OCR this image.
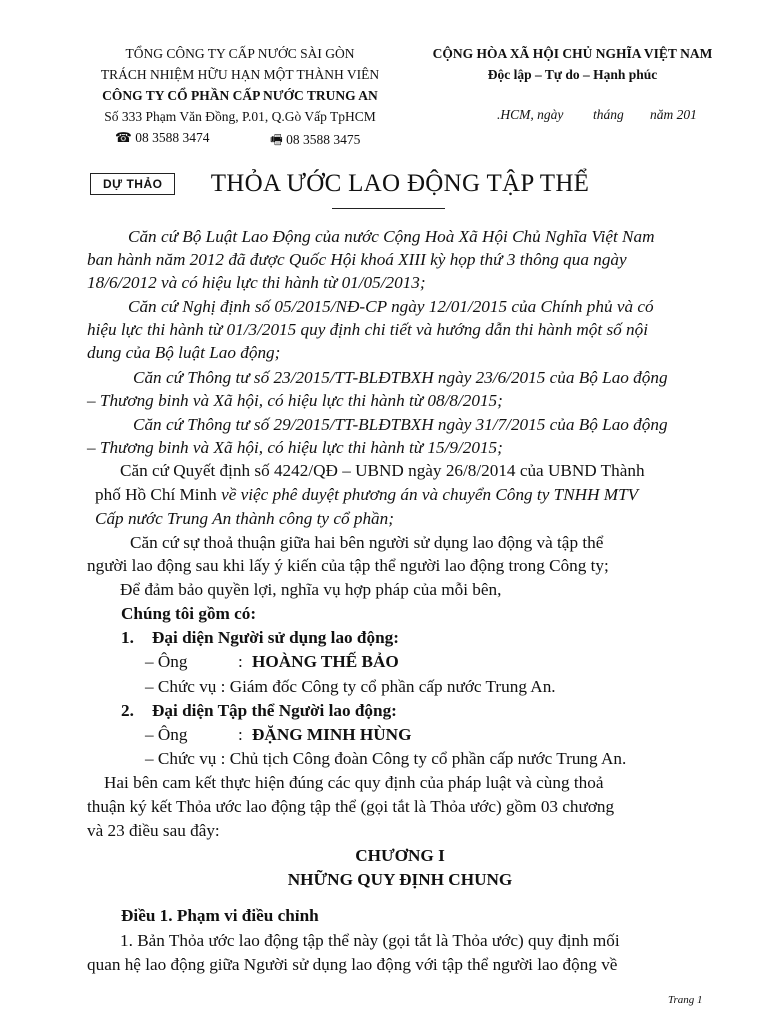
TỔNG CÔNG TY CẤP NƯỚC SÀI GÒN
TRÁCH NHIỆM HỮU HẠN MỘT THÀNH VIÊN
CÔNG TY CỔ PHẦN CẤP NƯỚC TRUNG AN
Số 333 Phạm Văn Đồng, P.01, Q.Gò Vấp TpHCM
☎ 08 3588 3474	🖷 08 3588 3475
CỘNG HÒA XÃ HỘI CHỦ NGHĨA VIỆT NAM
Độc lập – Tự do – Hạnh phúc
.HCM, ngày tháng năm 201
DỰ THẢO	THỎA ƯỚC LAO ĐỘNG TẬP THỂ
Căn cứ Bộ Luật Lao Động của nước Cộng Hoà Xã Hội Chủ Nghĩa Việt Nam
ban hành năm 2012 đã được Quốc Hội khoá XIII kỳ họp thứ 3 thông qua ngày
18/6/2012 và có hiệu lực thi hành từ 01/05/2013;
Căn cứ Nghị định số 05/2015/NĐ-CP ngày 12/01/2015 của Chính phủ và có
hiệu lực thi hành từ 01/3/2015 quy định chi tiết và hướng dẫn thi hành một số nội
dung của Bộ luật Lao động;
Căn cứ Thông tư số 23/2015/TT-BLĐTBXH ngày 23/6/2015 của Bộ Lao động
– Thương binh và Xã hội, có hiệu lực thi hành từ 08/8/2015;
Căn cứ Thông tư số 29/2015/TT-BLĐTBXH ngày 31/7/2015 của Bộ Lao động
– Thương binh và Xã hội, có hiệu lực thi hành từ 15/9/2015;
Căn cứ Quyết định số 4242/QĐ – UBND ngày 26/8/2014 của UBND Thành
phố Hồ Chí Minh về việc phê duyệt phương án và chuyển Công ty TNHH MTV
Cấp nước Trung An thành công ty cổ phần;
Căn cứ sự thoả thuận giữa hai bên người sử dụng lao động và tập thể
người lao động sau khi lấy ý kiến của tập thể người lao động trong Công ty;
Để đảm bảo quyền lợi, nghĩa vụ hợp pháp của mỗi bên,
Chúng tôi gồm có:
1. Đại diện Người sử dụng lao động:
– Ông	: HOÀNG THẾ BẢO
– Chức vụ : Giám đốc Công ty cổ phần cấp nước Trung An.
2. Đại diện Tập thể Người lao động:
– Ông	: ĐẶNG MINH HÙNG
– Chức vụ : Chủ tịch Công đoàn Công ty cổ phần cấp nước Trung An.
Hai bên cam kết thực hiện đúng các quy định của pháp luật và cùng thoả
thuận ký kết Thỏa ước lao động tập thể (gọi tắt là Thỏa ước) gồm 03 chương
và 23 điều sau đây:
CHƯƠNG I
NHỮNG QUY ĐỊNH CHUNG
Điều 1. Phạm vi điều chỉnh
1. Bản Thỏa ước lao động tập thể này (gọi tắt là Thỏa ước) quy định mối
quan hệ lao động giữa Người sử dụng lao động với tập thể người lao động về
Trang 1
